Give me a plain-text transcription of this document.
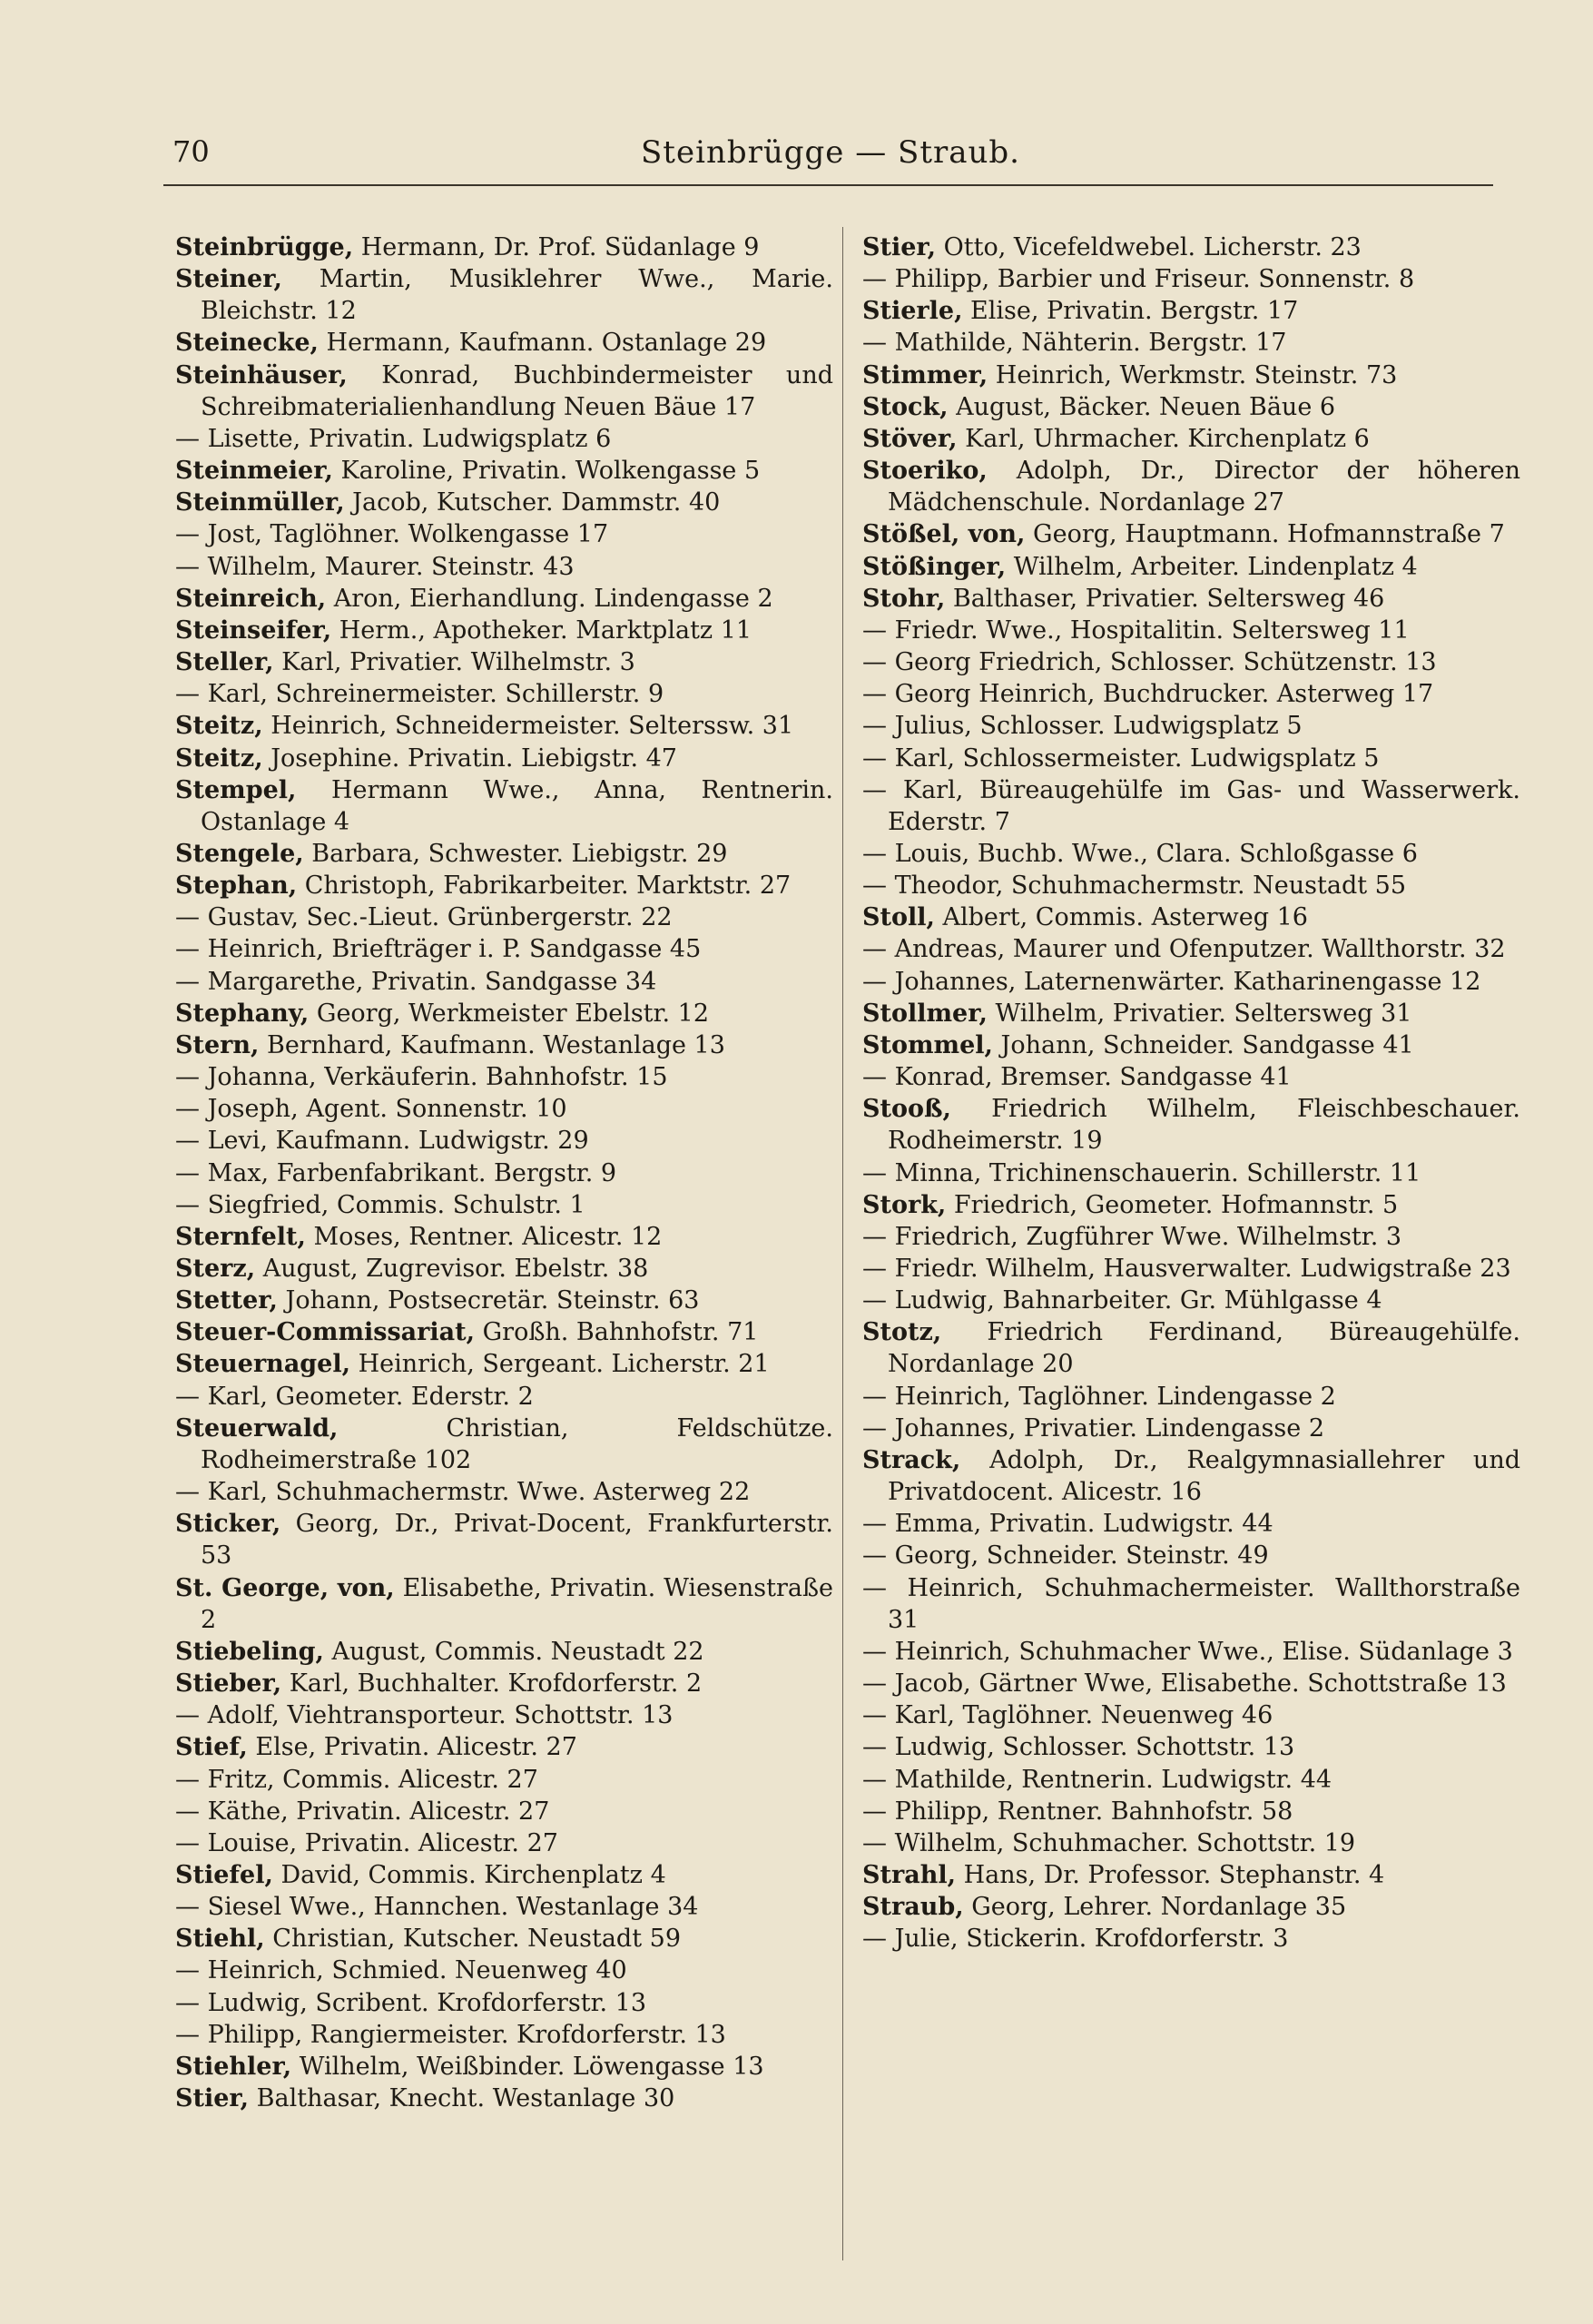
70	Steinbrügge — Straub.

Steinbrügge, Hermann, Dr. Prof. Südanlage 9

Steiner, Martin, Musiklehrer Wwe., Marie. Bleichstr. 12

Steinecke, Hermann, Kaufmann. Ostanlage 29

Steinhäuser, Konrad, Buchbindermeister und Schreibmaterialienhandlung Neuen Bäue 17

— Lisette, Privatin. Ludwigsplatz 6

Steinmeier, Karoline, Privatin. Wolkengasse 5

Steinmüller, Jacob, Kutscher. Dammstr. 40

— Jost, Taglöhner. Wolkengasse 17

— Wilhelm, Maurer. Steinstr. 43

Steinreich, Aron, Eierhandlung. Lindengasse 2

Steinseifer, Herm., Apotheker. Marktplatz 11

Steller, Karl, Privatier. Wilhelmstr. 3

— Karl, Schreinermeister. Schillerstr. 9

Steitz, Heinrich, Schneidermeister. Selterssw. 31

Steitz, Josephine. Privatin. Liebigstr. 47

Stempel, Hermann Wwe., Anna, Rentnerin. Ostanlage 4

Stengele, Barbara, Schwester. Liebigstr. 29

Stephan, Christoph, Fabrikarbeiter. Marktstr. 27

— Gustav, Sec.-Lieut. Grünbergerstr. 22

— Heinrich, Briefträger i. P. Sandgasse 45

— Margarethe, Privatin. Sandgasse 34

Stephany, Georg, Werkmeister Ebelstr. 12

Stern, Bernhard, Kaufmann. Westanlage 13

— Johanna, Verkäuferin. Bahnhofstr. 15

— Joseph, Agent. Sonnenstr. 10

— Levi, Kaufmann. Ludwigstr. 29

— Max, Farbenfabrikant. Bergstr. 9

— Siegfried, Commis. Schulstr. 1

Sternfelt, Moses, Rentner. Alicestr. 12

Sterz, August, Zugrevisor. Ebelstr. 38

Stetter, Johann, Postsecretär. Steinstr. 63

Steuer-Commissariat, Großh. Bahnhofstr. 71

Steuernagel, Heinrich, Sergeant. Licherstr. 21

— Karl, Geometer. Ederstr. 2

Steuerwald, Christian, Feldschütze. Rodheimerstraße 102

— Karl, Schuhmachermstr. Wwe. Asterweg 22

Sticker, Georg, Dr., Privat-Docent, Frankfurterstr. 53

St. George, von, Elisabethe, Privatin. Wiesenstraße 2

Stiebeling, August, Commis. Neustadt 22

Stieber, Karl, Buchhalter. Krofdorferstr. 2

— Adolf, Viehtransporteur. Schottstr. 13

Stief, Else, Privatin. Alicestr. 27

— Fritz, Commis. Alicestr. 27

— Käthe, Privatin. Alicestr. 27

— Louise, Privatin. Alicestr. 27

Stiefel, David, Commis. Kirchenplatz 4

— Siesel Wwe., Hannchen. Westanlage 34

Stiehl, Christian, Kutscher. Neustadt 59

— Heinrich, Schmied. Neuenweg 40

— Ludwig, Scribent. Krofdorferstr. 13

— Philipp, Rangiermeister. Krofdorferstr. 13

Stiehler, Wilhelm, Weißbinder. Löwengasse 13

Stier, Balthasar, Knecht. Westanlage 30

Stier, Otto, Vicefeldwebel. Licherstr. 23

— Philipp, Barbier und Friseur. Sonnenstr. 8

Stierle, Elise, Privatin. Bergstr. 17

— Mathilde, Nähterin. Bergstr. 17

Stimmer, Heinrich, Werkmstr. Steinstr. 73

Stock, August, Bäcker. Neuen Bäue 6

Stöver, Karl, Uhrmacher. Kirchenplatz 6

Stoeriko, Adolph, Dr., Director der höheren Mädchenschule. Nordanlage 27

Stößel, von, Georg, Hauptmann. Hofmannstraße 7

Stößinger, Wilhelm, Arbeiter. Lindenplatz 4

Stohr, Balthaser, Privatier. Seltersweg 46

— Friedr. Wwe., Hospitalitin. Seltersweg 11

— Georg Friedrich, Schlosser. Schützenstr. 13

— Georg Heinrich, Buchdrucker. Asterweg 17

— Julius, Schlosser. Ludwigsplatz 5

— Karl, Schlossermeister. Ludwigsplatz 5

— Karl, Büreaugehülfe im Gas- und Wasserwerk. Ederstr. 7

— Louis, Buchb. Wwe., Clara. Schloßgasse 6

— Theodor, Schuhmachermstr. Neustadt 55

Stoll, Albert, Commis. Asterweg 16

— Andreas, Maurer und Ofenputzer. Wallthorstr. 32

— Johannes, Laternenwärter. Katharinengasse 12

Stollmer, Wilhelm, Privatier. Seltersweg 31

Stommel, Johann, Schneider. Sandgasse 41

— Konrad, Bremser. Sandgasse 41

Stooß, Friedrich Wilhelm, Fleischbeschauer. Rodheimerstr. 19

— Minna, Trichinenschauerin. Schillerstr. 11

Stork, Friedrich, Geometer. Hofmannstr. 5

— Friedrich, Zugführer Wwe. Wilhelmstr. 3

— Friedr. Wilhelm, Hausverwalter. Ludwigstraße 23

— Ludwig, Bahnarbeiter. Gr. Mühlgasse 4

Stotz, Friedrich Ferdinand, Büreaugehülfe. Nordanlage 20

— Heinrich, Taglöhner. Lindengasse 2

— Johannes, Privatier. Lindengasse 2

Strack, Adolph, Dr., Realgymnasiallehrer und Privatdocent. Alicestr. 16

— Emma, Privatin. Ludwigstr. 44

— Georg, Schneider. Steinstr. 49

— Heinrich, Schuhmachermeister. Wallthorstraße 31

— Heinrich, Schuhmacher Wwe., Elise. Südanlage 3

— Jacob, Gärtner Wwe, Elisabethe. Schottstraße 13

— Karl, Taglöhner. Neuenweg 46

— Ludwig, Schlosser. Schottstr. 13

— Mathilde, Rentnerin. Ludwigstr. 44

— Philipp, Rentner. Bahnhofstr. 58

— Wilhelm, Schuhmacher. Schottstr. 19

Strahl, Hans, Dr. Professor. Stephanstr. 4

Straub, Georg, Lehrer. Nordanlage 35

— Julie, Stickerin. Krofdorferstr. 3
